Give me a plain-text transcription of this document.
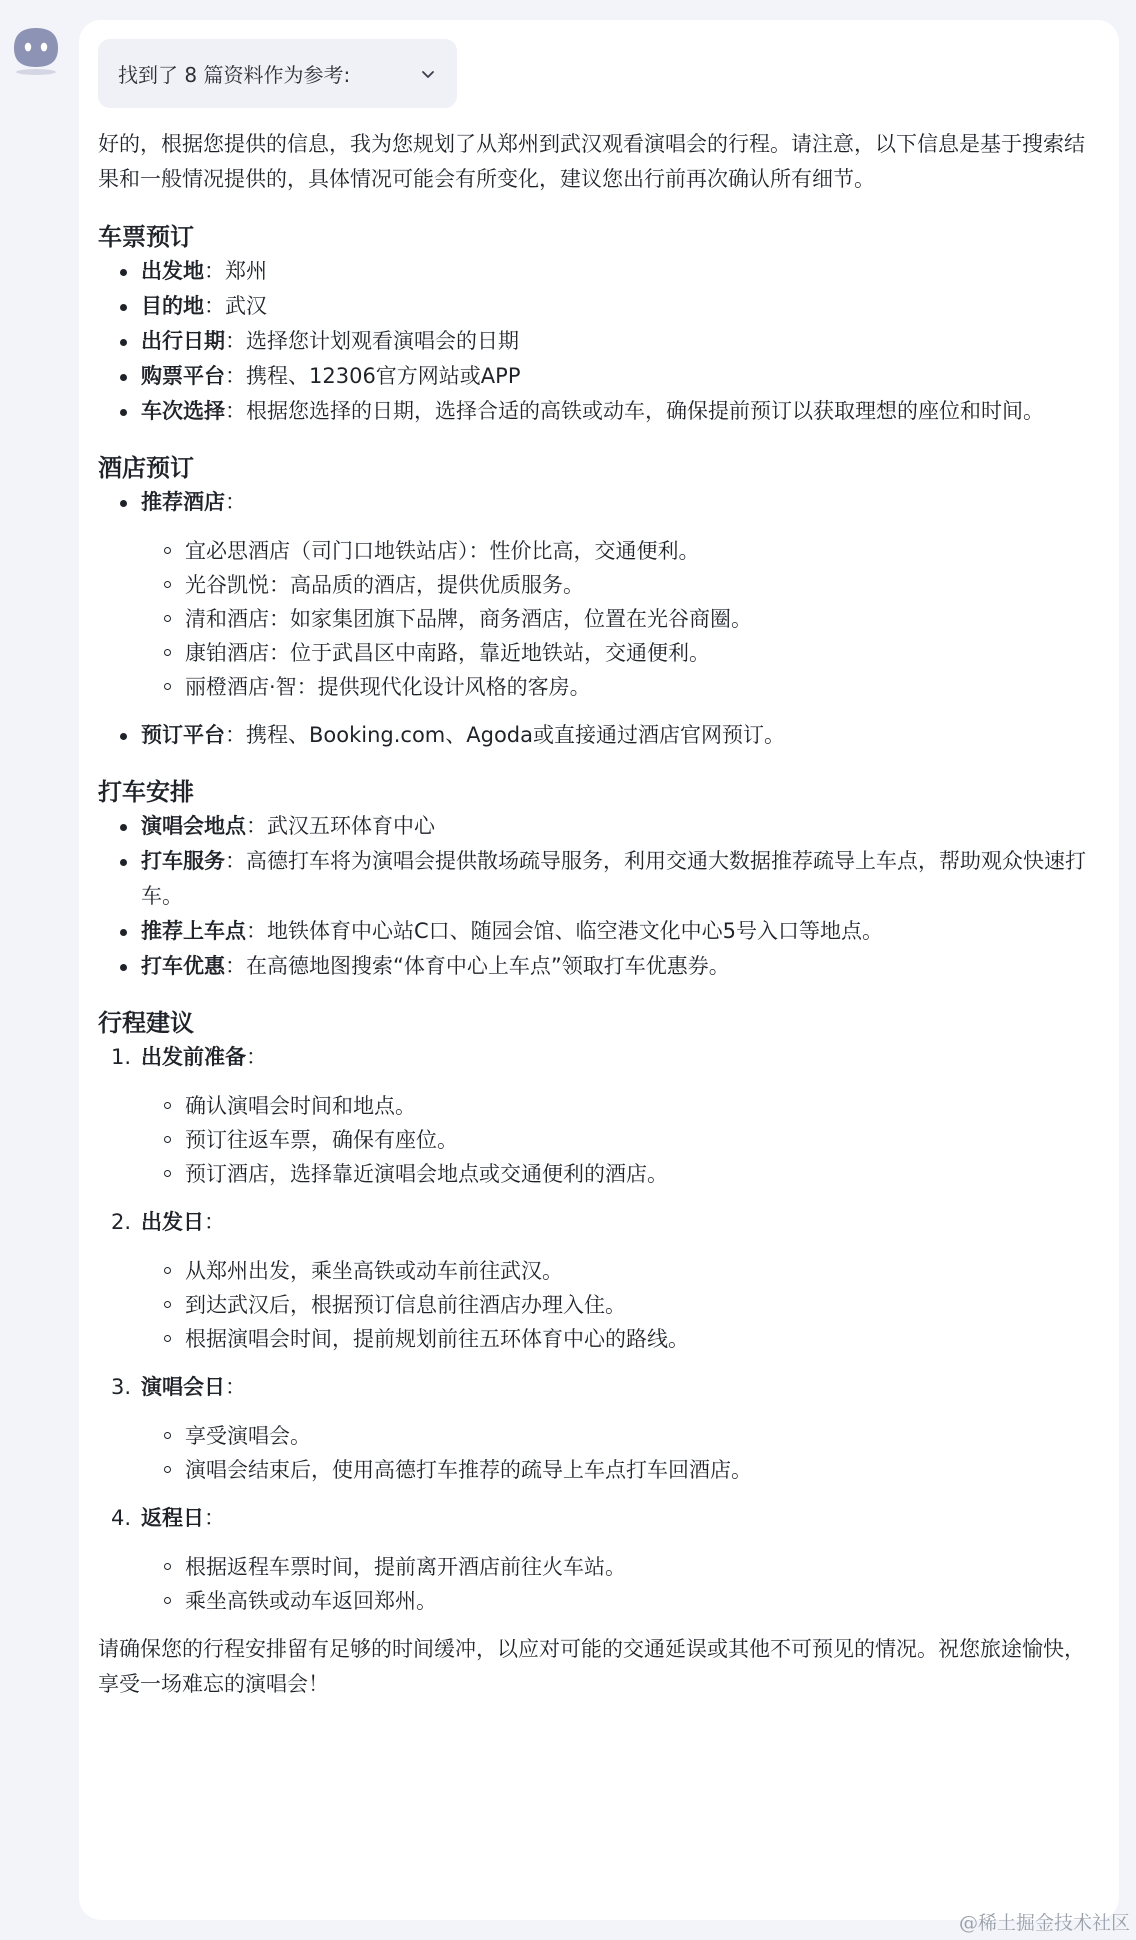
找到了 8 篇资料作为参考:

好的，根据您提供的信息，我为您规划了从郑州到武汉观看演唱会的行程。请注意，以下信息是基于搜索结果和一般情况提供的，具体情况可能会有所变化，建议您出行前再次确认所有细节。

车票预订
出发地：郑州
目的地：武汉
出行日期：选择您计划观看演唱会的日期
购票平台：携程、12306官方网站或APP
车次选择：根据您选择的日期，选择合适的高铁或动车，确保提前预订以获取理想的座位和时间。
酒店预订
推荐酒店：
宜必思酒店（司门口地铁站店）：性价比高，交通便利。
光谷凯悦：高品质的酒店，提供优质服务。
清和酒店：如家集团旗下品牌，商务酒店，位置在光谷商圈。
康铂酒店：位于武昌区中南路，靠近地铁站，交通便利。
丽橙酒店·智：提供现代化设计风格的客房。
预订平台：携程、Booking.com、Agoda或直接通过酒店官网预订。
打车安排
演唱会地点：武汉五环体育中心
打车服务：高德打车将为演唱会提供散场疏导服务，利用交通大数据推荐疏导上车点，帮助观众快速打车。
推荐上车点：地铁体育中心站C口、随园会馆、临空港文化中心5号入口等地点。
打车优惠：在高德地图搜索“体育中心上车点”领取打车优惠券。
行程建议
1. 出发前准备：
确认演唱会时间和地点。
预订往返车票，确保有座位。
预订酒店，选择靠近演唱会地点或交通便利的酒店。
2. 出发日：
从郑州出发，乘坐高铁或动车前往武汉。
到达武汉后，根据预订信息前往酒店办理入住。
根据演唱会时间，提前规划前往五环体育中心的路线。
3. 演唱会日：
享受演唱会。
演唱会结束后，使用高德打车推荐的疏导上车点打车回酒店。
4. 返程日：
根据返程车票时间，提前离开酒店前往火车站。
乘坐高铁或动车返回郑州。

请确保您的行程安排留有足够的时间缓冲，以应对可能的交通延误或其他不可预见的情况。祝您旅途愉快，享受一场难忘的演唱会！

@稀土掘金技术社区
